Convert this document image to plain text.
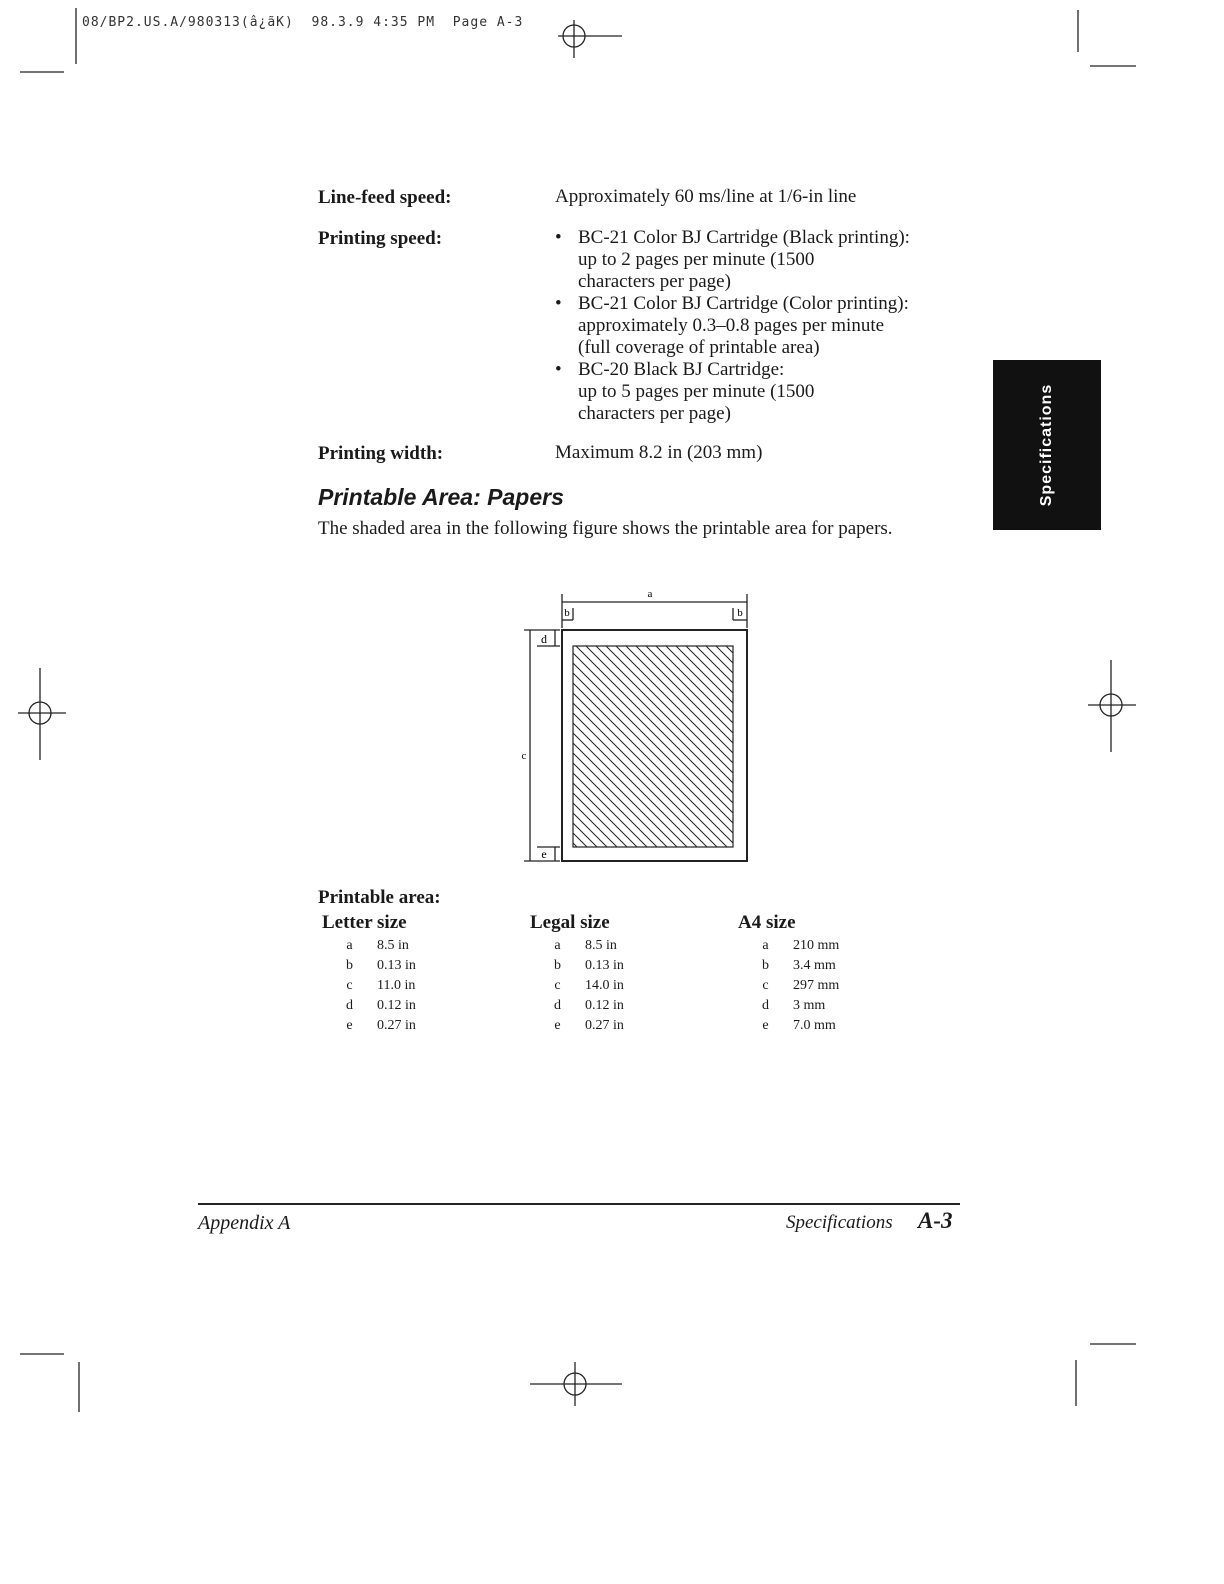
08/BP2.US.A/980313(â¿ãK)  98.3.9 4:35 PM  Page A-3
Line-feed speed:	Approximately 60 ms/line at 1/6-in line
Printing speed:
•	BC-21 Color BJ Cartridge (Black printing):
up to 2 pages per minute (1500
characters per page)
• BC-21 Color BJ Cartridge (Color printing):
approximately 0.3–0.8 pages per minute
(full coverage of printable area)
• BC-20 Black BJ Cartridge:
up to 5 pages per minute (1500
characters per page)
Printing width:	Maximum 8.2 in (203 mm)	Specifications
Printable Area: Papers
The shaded area in the following figure shows the printable area for papers.
a
b	b
c
d
e
Printable area:
Letter size
a	8.5 in
b	0.13 in
c	11.0 in
d	0.12 in
e	0.27 in
Legal size
a	8.5 in
b	0.13 in
c	14.0 in
d	0.12 in
e	0.27 in
A4 size
a	210 mm
b	3.4 mm
c	297 mm
d	3 mm
e	7.0 mm
Appendix A	Specifications A-3
